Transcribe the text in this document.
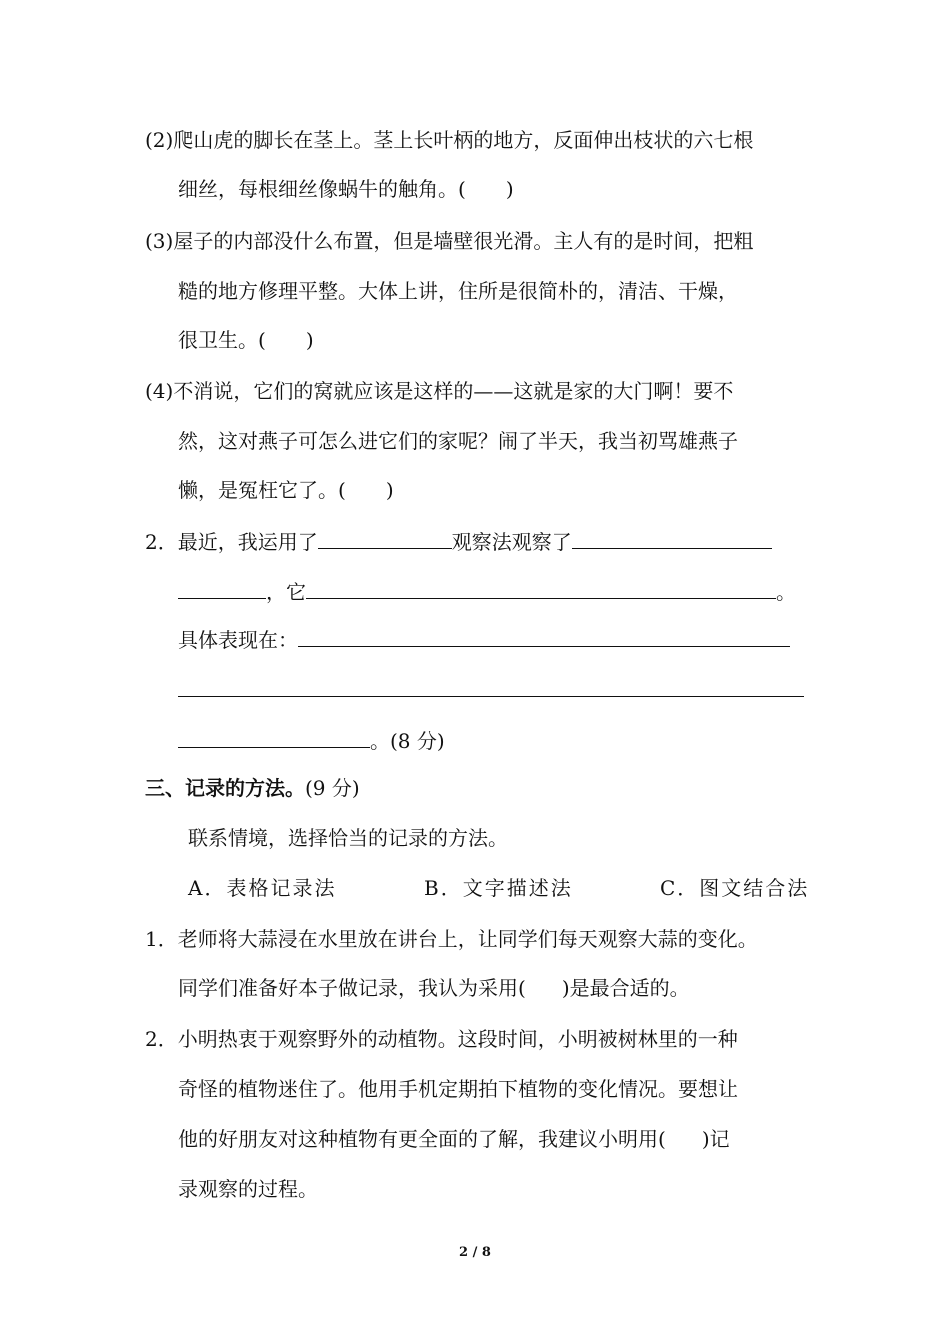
(2)爬山虎的脚长在茎上。茎上长叶柄的地方，反面伸出枝状的六七根
细丝，每根细丝像蜗牛的触角。( )
(3)屋子的内部没什么布置，但是墙壁很光滑。主人有的是时间，把粗
糙的地方修理平整。大体上讲，住所是很简朴的，清洁、干燥，
很卫生。( )
(4)不消说，它们的窝就应该是这样的——这就是家的大门啊！要不
然，这对燕子可怎么进它们的家呢？闹了半天，我当初骂雄燕子
懒，是冤枉它了。( )
2．最近，我运用了	观察法观察了
，它	。
具体表现在：
。(8 分)
三、记录的方法。(9 分)
联系情境，选择恰当的记录的方法。
A．表格记录法	B．文字描述法	C．图文结合法
1．老师将大蒜浸在水里放在讲台上，让同学们每天观察大蒜的变化。
同学们准备好本子做记录，我认为采用( )是最合适的。
2．小明热衷于观察野外的动植物。这段时间，小明被树林里的一种
奇怪的植物迷住了。他用手机定期拍下植物的变化情况。要想让
他的好朋友对这种植物有更全面的了解，我建议小明用( )记
录观察的过程。
2 / 8
